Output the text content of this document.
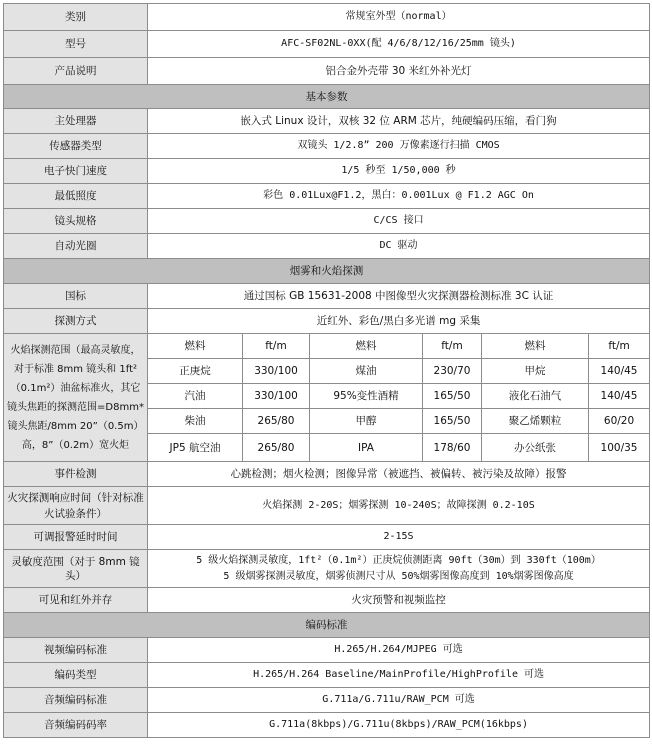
类别	常规室外型（normal）					
型号	AFC-SF02NL-0XX(配 4/6/8/12/16/25mm 镜头)					
产品说明	铝合金外壳带 30 米红外补光灯					
基本参数						
主处理器	嵌入式 Linux 设计，双核 32 位 ARM 芯片，纯硬编码压缩，看门狗					
传感器类型	双镜头 1/2.8” 200 万像素逐行扫描 CMOS					
电子快门速度	1/5 秒至 1/50,000 秒					
最低照度	彩色 0.01Lux@F1.2，黑白：0.001Lux @ F1.2 AGC On					
镜头规格	C/CS 接口					
自动光圈	DC 驱动					
烟雾和火焰探测						
国标	通过国标 GB 15631-2008 中图像型火灾探测器检测标准 3C 认证					
探测方式	近红外、彩色/黑白多光谱 mg 采集					
火焰探测范围（最高灵敏度，对于标准 8mm 镜头和 1ft²（0.1m²）油盆标准火，其它镜头焦距的探测范围=D8mm*镜头焦距/8mm 20”（0.5m）高，8”（0.2m）宽火炬	燃料	ft/m	燃料	ft/m	燃料	ft/m
	正庚烷	330/100	煤油	230/70	甲烷	140/45
	汽油	330/100	95%变性酒精	165/50	液化石油气	140/45
	柴油	265/80	甲醇	165/50	聚乙烯颗粒	60/20
	JP5 航空油	265/80	IPA	178/60	办公纸张	100/35
事件检测	心跳检测；烟火检测；图像异常（被遮挡、被偏转、被污染及故障）报警					
火灾探测响应时间（针对标准火试验条件）	火焰探测 2-20S；烟雾探测 10-240S；故障探测 0.2-10S					
可调报警延时时间	2-15S					
灵敏度范围（对于 8mm 镜头）	5 级火焰探测灵敏度，1ft²（0.1m²）正庚烷侦测距离 90ft（30m）到 330ft（100m）
5 级烟雾探测灵敏度，烟雾侦测尺寸从 50%烟雾图像高度到 10%烟雾图像高度					

可见和红外并存	火灾预警和视频监控					
编码标准						
视频编码标准	H.265/H.264/MJPEG 可选					
编码类型	H.265/H.264 Baseline/MainProfile/HighProfile 可选					
音频编码标准	G.711a/G.711u/RAW_PCM 可选					
音频编码码率	G.711a(8kbps)/G.711u(8kbps)/RAW_PCM(16kbps)					
